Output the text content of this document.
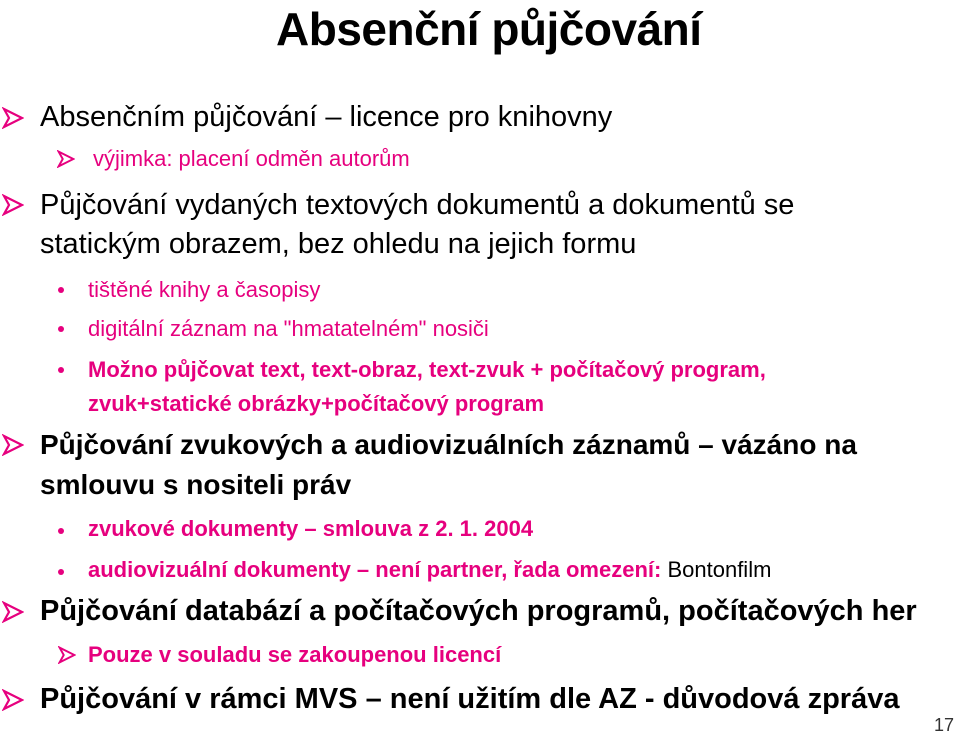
Absenční půjčování
Absenčním půjčování – licence pro knihovny
výjimka: placení odměn autorům
Půjčování vydaných textových dokumentů a dokumentů se
statickým obrazem, bez ohledu na jejich formu
tištěné knihy a časopisy
digitální záznam na "hmatatelném" nosiči
Možno půjčovat text, text-obraz, text-zvuk + počítačový program,
zvuk+statické obrázky+počítačový program
Půjčování zvukových a audiovizuálních záznamů – vázáno na
smlouvu s nositeli práv
zvukové dokumenty – smlouva z 2. 1. 2004
audiovizuální dokumenty – není partner, řada omezení: Bontonfilm
Půjčování databází a počítačových programů, počítačových her
Pouze v souladu se zakoupenou licencí
Půjčování v rámci MVS – není užitím dle AZ - důvodová zpráva
17
